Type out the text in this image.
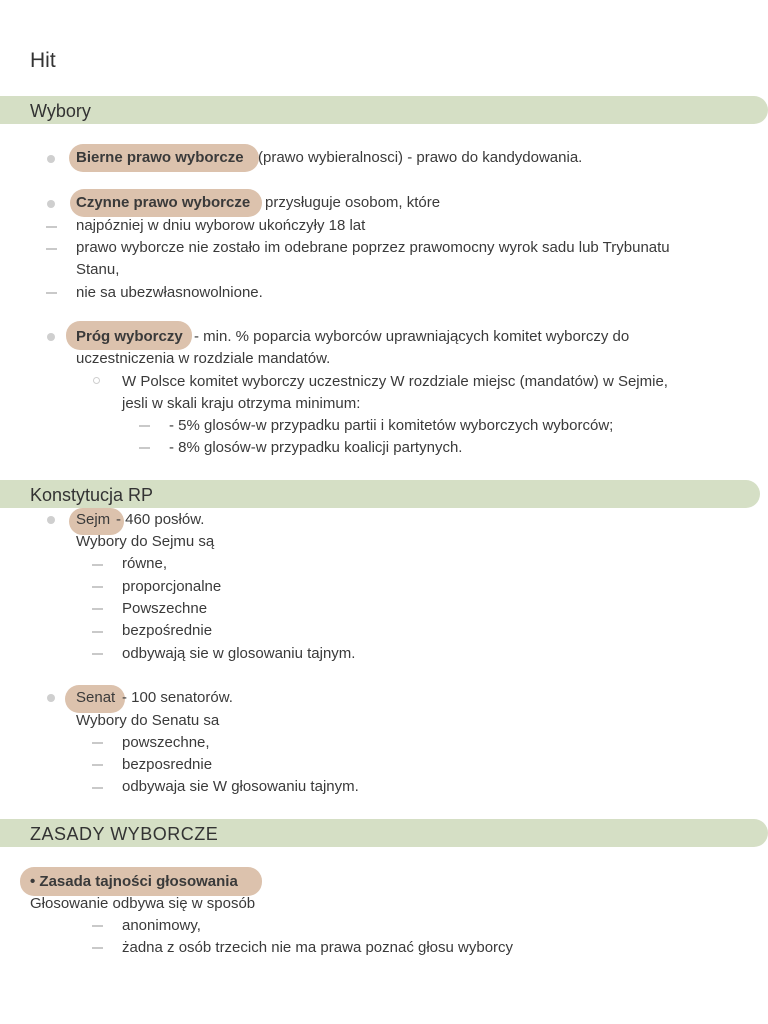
Hit
Wybory
Bierne prawo wyborcze (prawo wybieralnosci) - prawo do kandydowania.
Czynne prawo wyborcze przysługuje osobom, które
najpózniej w dniu wyborow ukończyły 18 lat
prawo wyborcze nie zostało im odebrane poprzez prawomocny wyrok sadu lub Trybunatu
Stanu,
nie sa ubezwłasnowolnione.
Próg wyborczy - min. % poparcia wyborców uprawniających komitet wyborczy do
uczestniczenia w rozdziale mandatów.
W Polsce komitet wyborczy uczestniczy W rozdziale miejsc (mandatów) w Sejmie,
jesli w skali kraju otrzyma minimum:
- 5% glosów-w przypadku partii i komitetów wyborczych wyborców;
- 8% glosów-w przypadku koalicji partynych.
Konstytucja RP
Sejm - 460 posłów.
Wybory do Sejmu są
równe,
proporcjonalne
Powszechne
bezpośrednie
odbywają sie w glosowaniu tajnym.
Senat - 100 senatorów.
Wybory do Senatu sa
powszechne,
bezposrednie
odbywaja sie W głosowaniu tajnym.
ZASADY WYBORCZE
• Zasada tajności głosowania
Głosowanie odbywa się w sposób
anonimowy,
żadna z osób trzecich nie ma prawa poznać głosu wyborcy
